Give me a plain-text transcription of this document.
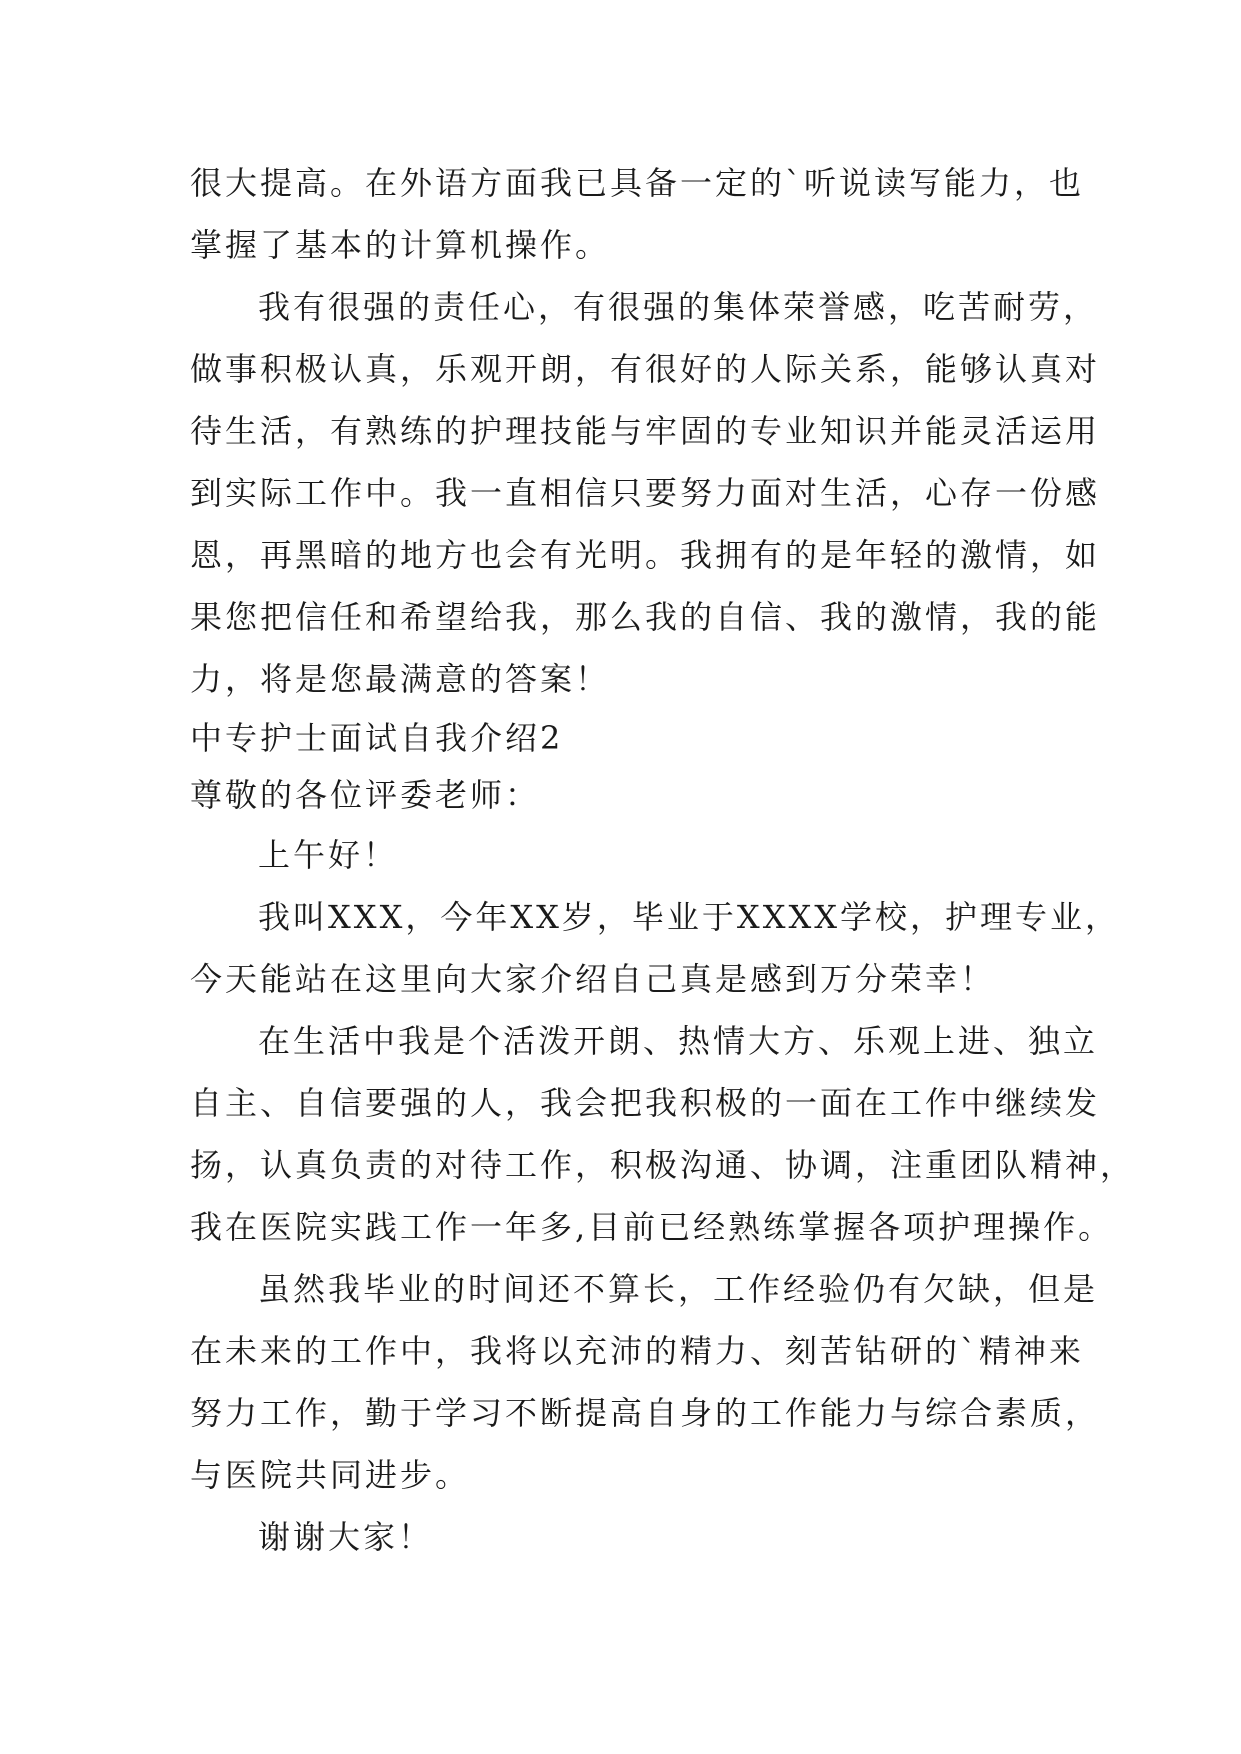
很大提高。在外语方面我已具备一定的`听说读写能力，也
掌握了基本的计算机操作。
我有很强的责任心，有很强的集体荣誉感，吃苦耐劳，
做事积极认真，乐观开朗，有很好的人际关系，能够认真对
待生活，有熟练的护理技能与牢固的专业知识并能灵活运用
到实际工作中。我一直相信只要努力面对生活，心存一份感
恩，再黑暗的地方也会有光明。我拥有的是年轻的激情，如
果您把信任和希望给我，那么我的自信、我的激情，我的能
力，将是您最满意的答案！
中专护士面试自我介绍2
尊敬的各位评委老师：
上午好！
我叫XXX，今年XX岁，毕业于XXXX学校，护理专业，
今天能站在这里向大家介绍自己真是感到万分荣幸！
在生活中我是个活泼开朗、热情大方、乐观上进、独立
自主、自信要强的人，我会把我积极的一面在工作中继续发
扬，认真负责的对待工作，积极沟通、协调，注重团队精神，
我在医院实践工作一年多,目前已经熟练掌握各项护理操作。
虽然我毕业的时间还不算长，工作经验仍有欠缺，但是
在未来的工作中，我将以充沛的精力、刻苦钻研的`精神来
努力工作，勤于学习不断提高自身的工作能力与综合素质，
与医院共同进步。
谢谢大家！
